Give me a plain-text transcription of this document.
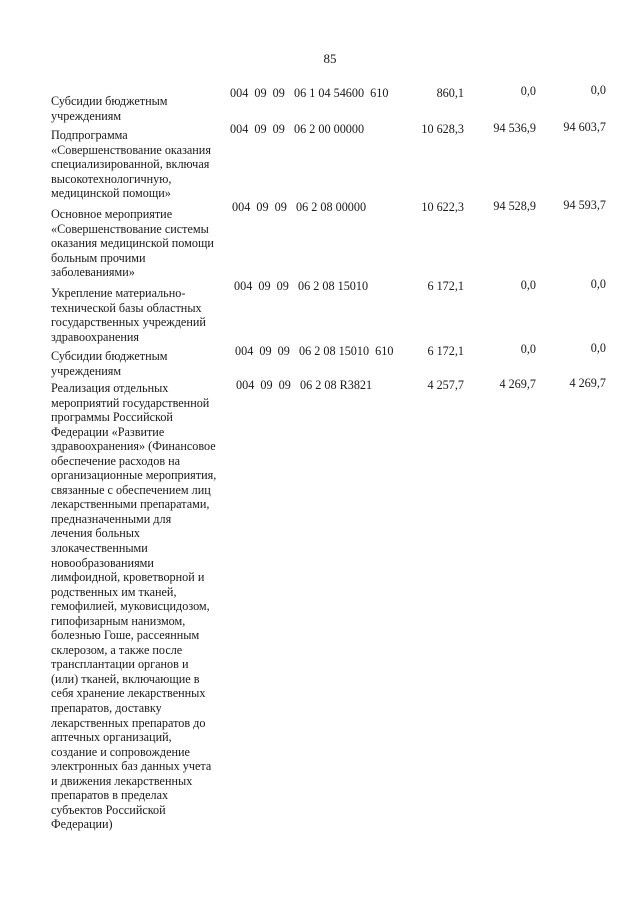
85
Субсидии бюджетным
учреждениям
004  09  09   06 1 04 54600  610	860,1	0,0	0,0
Подпрограмма
«Совершенствование оказания
специализированной, включая
высокотехнологичную,
медицинской помощи»
004  09  09   06 2 00 00000	10 628,3	94 536,9	94 603,7
Основное мероприятие
«Совершенствование системы
оказания медицинской помощи
больным прочими
заболеваниями»
004  09  09   06 2 08 00000	10 622,3	94 528,9	94 593,7
Укрепление материально-
технической базы областных
государственных учреждений
здравоохранения
004  09  09   06 2 08 15010	6 172,1	0,0	0,0
Субсидии бюджетным
учреждениям
004  09  09   06 2 08 15010  610	6 172,1	0,0	0,0
Реализация отдельных
мероприятий государственной
программы Российской
Федерации «Развитие
здравоохранения» (Финансовое
обеспечение расходов на
организационные мероприятия,
связанные с обеспечением лиц
лекарственными препаратами,
предназначенными для
лечения больных
злокачественными
новообразованиями
лимфоидной, кроветворной и
родственных им тканей,
гемофилией, муковисцидозом,
гипофизарным нанизмом,
болезнью Гоше, рассеянным
склерозом, а также после
трансплантации органов и
(или) тканей, включающие в
себя хранение лекарственных
препаратов, доставку
лекарственных препаратов до
аптечных организаций,
создание и сопровождение
электронных баз данных учета
и движения лекарственных
препаратов в пределах
субъектов Российской
Федерации)
004  09  09   06 2 08 R3821	4 257,7	4 269,7	4 269,7
